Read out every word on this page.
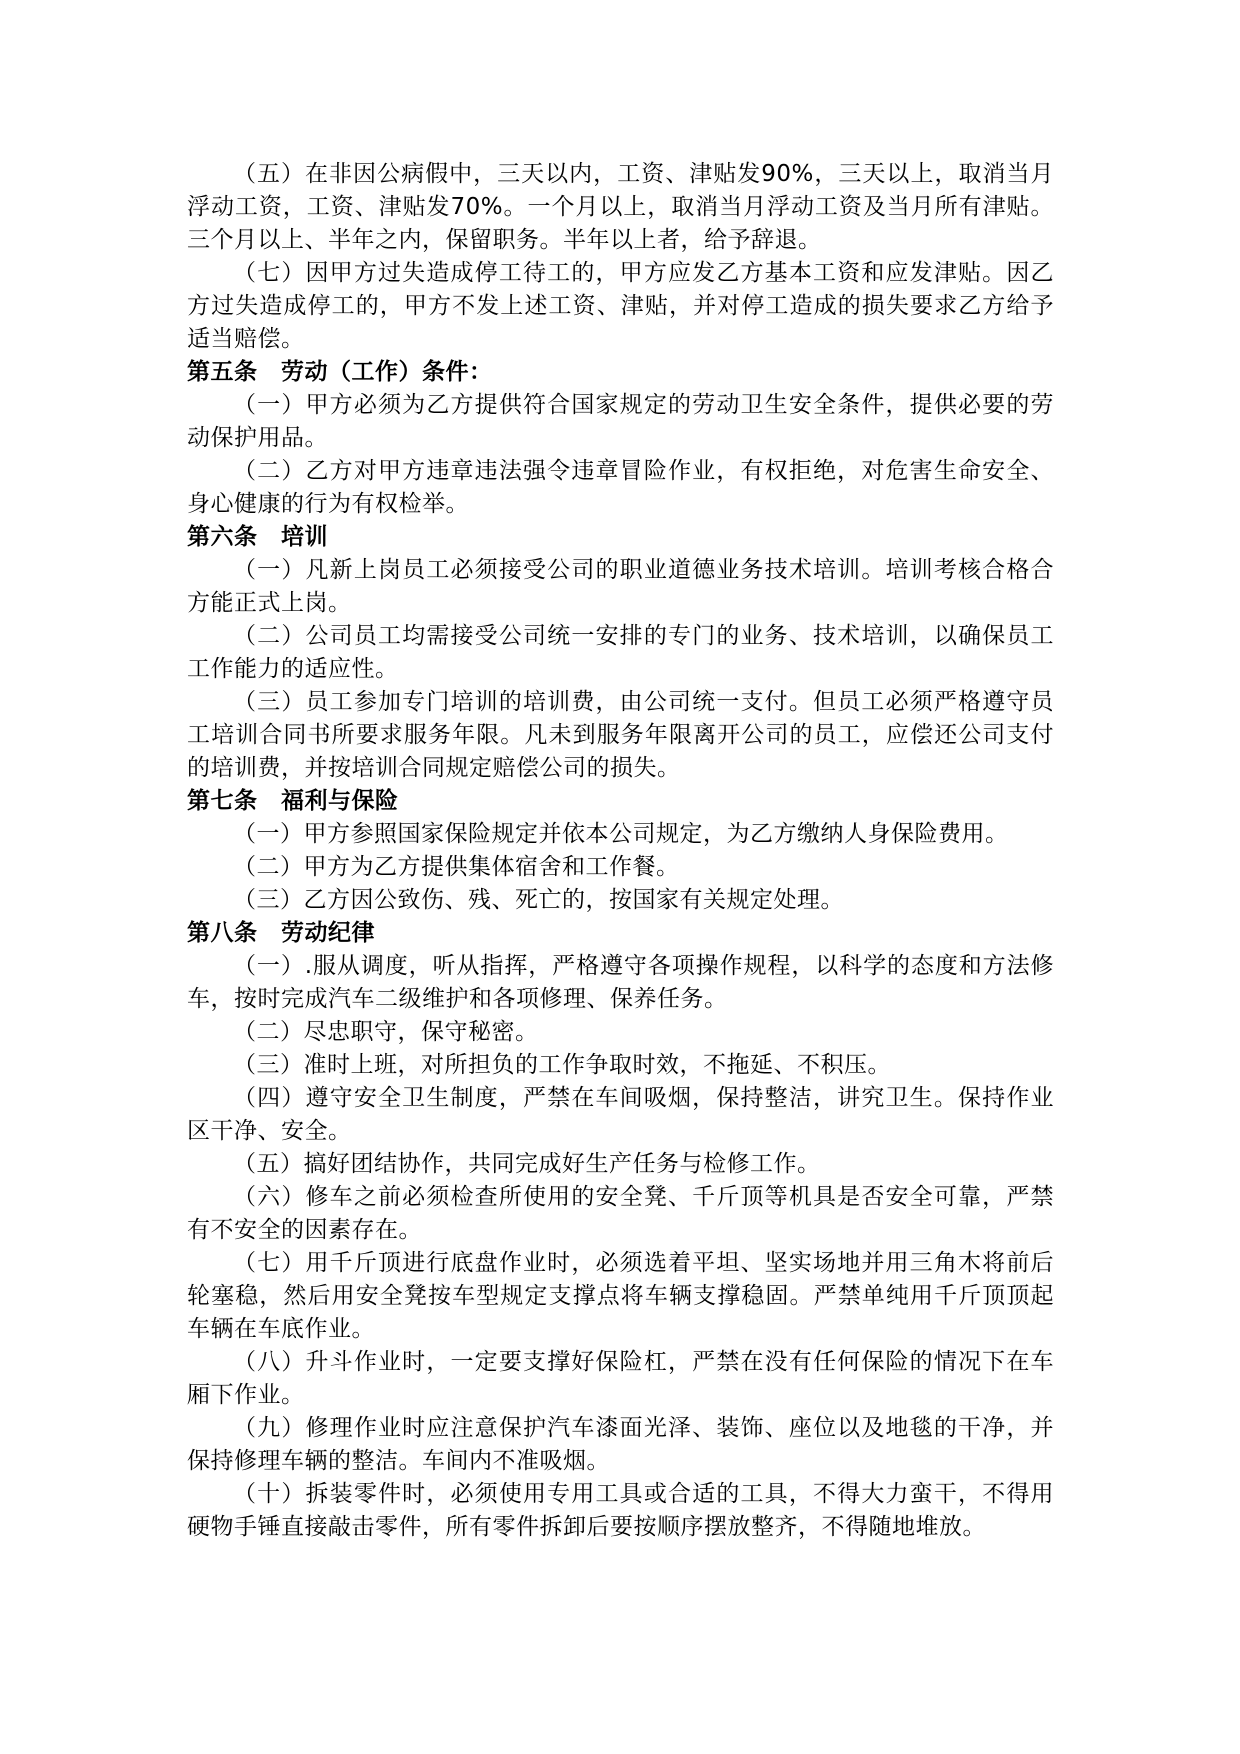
（五）在非因公病假中，三天以内，工资、津贴发90%，三天以上，取消当月浮动工资，工资、津贴发70%。一个月以上，取消当月浮动工资及当月所有津贴。三个月以上、半年之内，保留职务。半年以上者，给予辞退。

（七）因甲方过失造成停工待工的，甲方应发乙方基本工资和应发津贴。因乙方过失造成停工的，甲方不发上述工资、津贴，并对停工造成的损失要求乙方给予适当赔偿。

第五条　劳动（工作）条件：

（一）甲方必须为乙方提供符合国家规定的劳动卫生安全条件，提供必要的劳动保护用品。

（二）乙方对甲方违章违法强令违章冒险作业，有权拒绝，对危害生命安全、身心健康的行为有权检举。

第六条　培训

（一）凡新上岗员工必须接受公司的职业道德业务技术培训。培训考核合格合方能正式上岗。

（二）公司员工均需接受公司统一安排的专门的业务、技术培训，以确保员工工作能力的适应性。

（三）员工参加专门培训的培训费，由公司统一支付。但员工必须严格遵守员工培训合同书所要求服务年限。凡未到服务年限离开公司的员工，应偿还公司支付的培训费，并按培训合同规定赔偿公司的损失。

第七条　福利与保险

（一）甲方参照国家保险规定并依本公司规定，为乙方缴纳人身保险费用。

（二）甲方为乙方提供集体宿舍和工作餐。

（三）乙方因公致伤、残、死亡的，按国家有关规定处理。

第八条　劳动纪律

（一）.服从调度，听从指挥，严格遵守各项操作规程，以科学的态度和方法修车，按时完成汽车二级维护和各项修理、保养任务。

（二）尽忠职守，保守秘密。

（三）准时上班，对所担负的工作争取时效，不拖延、不积压。

（四）遵守安全卫生制度，严禁在车间吸烟，保持整洁，讲究卫生。保持作业区干净、安全。

（五）搞好团结协作，共同完成好生产任务与检修工作。

（六）修车之前必须检查所使用的安全凳、千斤顶等机具是否安全可靠，严禁有不安全的因素存在。

（七）用千斤顶进行底盘作业时，必须选着平坦、坚实场地并用三角木将前后轮塞稳，然后用安全凳按车型规定支撑点将车辆支撑稳固。严禁单纯用千斤顶顶起车辆在车底作业。

（八）升斗作业时，一定要支撑好保险杠，严禁在没有任何保险的情况下在车厢下作业。

（九）修理作业时应注意保护汽车漆面光泽、装饰、座位以及地毯的干净，并保持修理车辆的整洁。车间内不准吸烟。

（十）拆装零件时，必须使用专用工具或合适的工具，不得大力蛮干，不得用硬物手锤直接敲击零件，所有零件拆卸后要按顺序摆放整齐，不得随地堆放。
